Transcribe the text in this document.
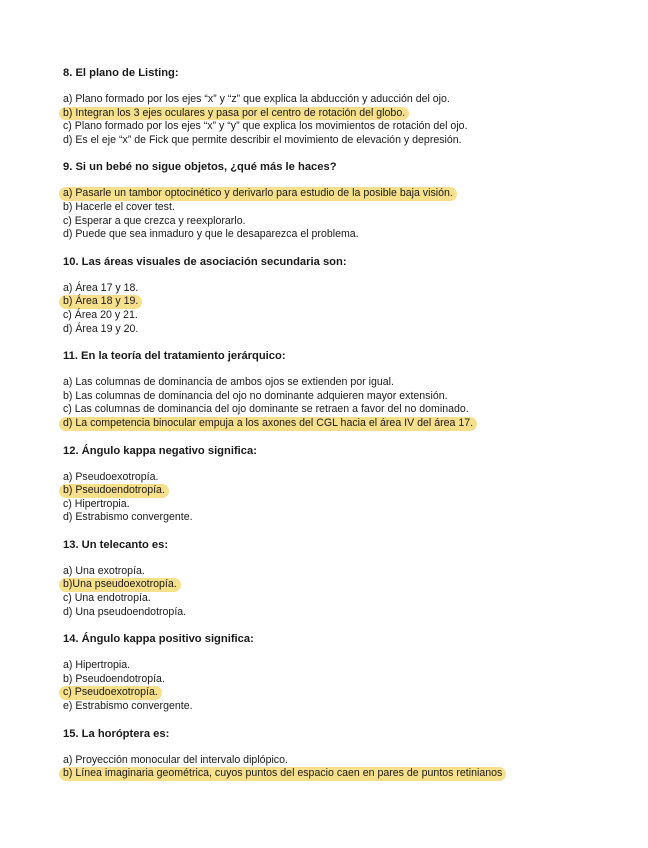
8. El plano de Listing:
a) Plano formado por los ejes “x” y “z” que explica la abducción y aducción del ojo.
b) Integran los 3 ejes oculares y pasa por el centro de rotación del globo.
c) Plano formado por los ejes “x” y “y” que explica los movimientos de rotación del ojo.
d) Es el eje “x” de Fick que permite describir el movimiento de elevación y depresión.
9. Si un bebé no sigue objetos, ¿qué más le haces?
a) Pasarle un tambor optocinético y derivarlo para estudio de la posible baja visión.
b) Hacerle el cover test.
c) Esperar a que crezca y reexplorarlo.
d) Puede que sea inmaduro y que le desaparezca el problema.
10. Las áreas visuales de asociación secundaria son:
a) Área 17 y 18.
b) Área 18 y 19.
c) Área 20 y 21.
d) Área 19 y 20.
11. En la teoría del tratamiento jerárquico:
a) Las columnas de dominancia de ambos ojos se extienden por igual.
b) Las columnas de dominancia del ojo no dominante adquieren mayor extensión.
c) Las columnas de dominancia del ojo dominante se retraen a favor del no dominado.
d) La competencia binocular empuja a los axones del CGL hacia el área IV del área 17.
12. Ángulo kappa negativo significa:
a) Pseudoexotropía.
b) Pseudoendotropía.
c) Hipertropia.
d) Estrabismo convergente.
13. Un telecanto es:
a) Una exotropía.
b)Una pseudoexotropía.
c) Una endotropía.
d) Una pseudoendotropía.
14. Ángulo kappa positivo significa:
a) Hipertropia.
b) Pseudoendotropía.
c) Pseudoexotropía.
e) Estrabismo convergente.
15. La horóptera es:
a) Proyección monocular del intervalo diplópico.
b) Línea imaginaria geométrica, cuyos puntos del espacio caen en pares de puntos retinianos
